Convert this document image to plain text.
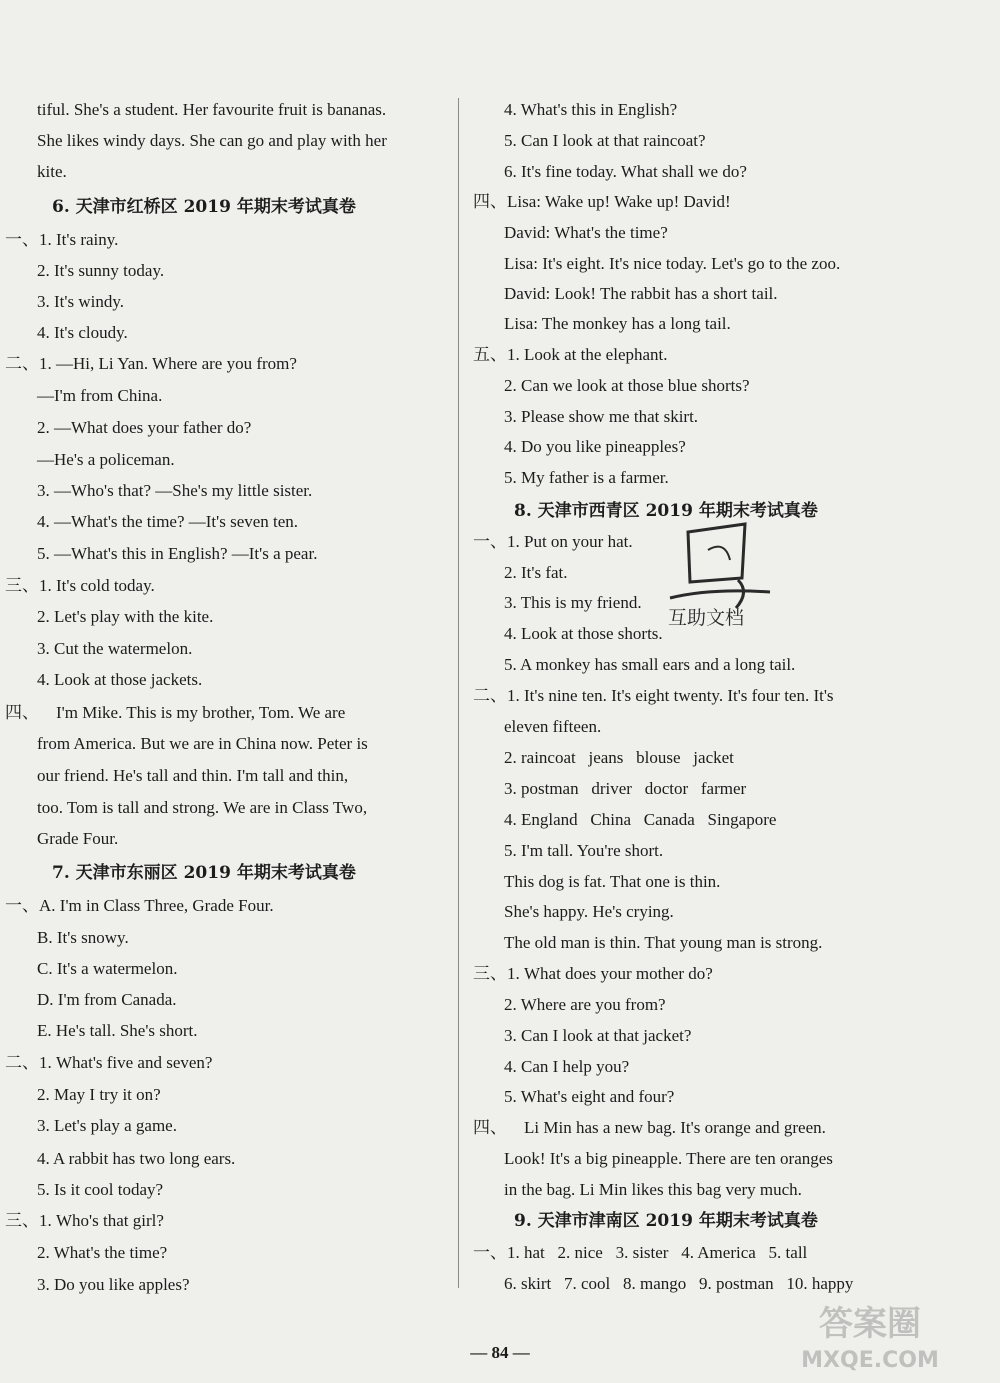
tiful. She's a student. Her favourite fruit is bananas.
She likes windy days. She can go and play with her
kite.
6. 天津市红桥区 2019 年期末考试真卷
一、1. It's rainy.
2. It's sunny today.
3. It's windy.
4. It's cloudy.
二、1. —Hi, Li Yan. Where are you from?
—I'm from China.
2. —What does your father do?
—He's a policeman.
3. —Who's that? —She's my little sister.
4. —What's the time? —It's seven ten.
5. —What's this in English? —It's a pear.
三、1. It's cold today.
2. Let's play with the kite.
3. Cut the watermelon.
4. Look at those jackets.
四、    I'm Mike. This is my brother, Tom. We are
from America. But we are in China now. Peter is
our friend. He's tall and thin. I'm tall and thin,
too. Tom is tall and strong. We are in Class Two,
Grade Four.
7. 天津市东丽区 2019 年期末考试真卷
一、A. I'm in Class Three, Grade Four.
B. It's snowy.
C. It's a watermelon.
D. I'm from Canada.
E. He's tall. She's short.
二、1. What's five and seven?
2. May I try it on?
3. Let's play a game.
4. A rabbit has two long ears.
5. Is it cool today?
三、1. Who's that girl?
2. What's the time?
3. Do you like apples?
4. What's this in English?
5. Can I look at that raincoat?
6. It's fine today. What shall we do?
四、Lisa: Wake up! Wake up! David!
David: What's the time?
Lisa: It's eight. It's nice today. Let's go to the zoo.
David: Look! The rabbit has a short tail.
Lisa: The monkey has a long tail.
五、1. Look at the elephant.
2. Can we look at those blue shorts?
3. Please show me that skirt.
4. Do you like pineapples?
5. My father is a farmer.
8. 天津市西青区 2019 年期末考试真卷
一、1. Put on your hat.
2. It's fat.
3. This is my friend.
4. Look at those shorts.
5. A monkey has small ears and a long tail.
二、1. It's nine ten. It's eight twenty. It's four ten. It's
eleven fifteen.
2. raincoat   jeans   blouse   jacket
3. postman   driver   doctor   farmer
4. England   China   Canada   Singapore
5. I'm tall. You're short.
This dog is fat. That one is thin.
She's happy. He's crying.
The old man is thin. That young man is strong.
三、1. What does your mother do?
2. Where are you from?
3. Can I look at that jacket?
4. Can I help you?
5. What's eight and four?
四、    Li Min has a new bag. It's orange and green.
Look! It's a big pineapple. There are ten oranges
in the bag. Li Min likes this bag very much.
9. 天津市津南区 2019 年期末考试真卷
一、1. hat   2. nice   3. sister   4. America   5. tall
6. skirt   7. cool   8. mango   9. postman   10. happy
互助文档
— 84 —
答案圈
MXQE.COM
